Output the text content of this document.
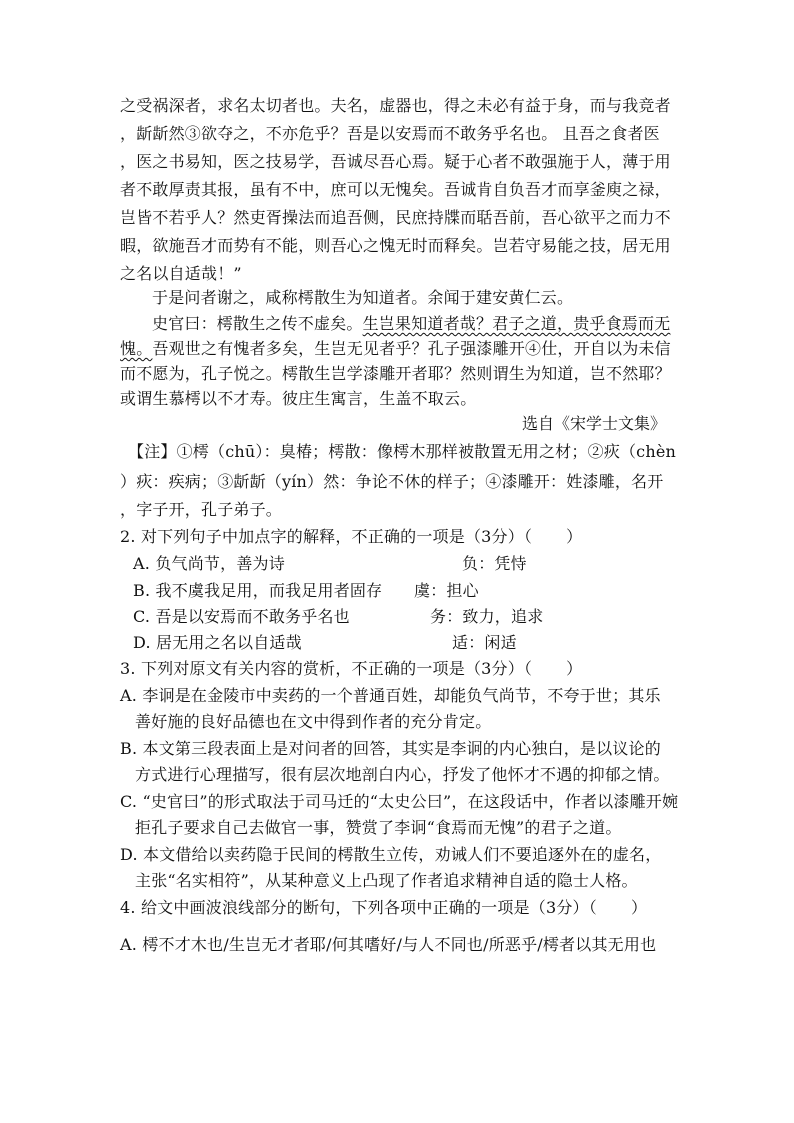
之受祸深者，求名太切者也。夫名，虚器也，得之未必有益于身，而与我竞者
，龂龂然③欲夺之，不亦危乎？吾是以安焉而不敢务乎名也。 且吾之食者医
，医之书易知，医之技易学，吾诚尽吾心焉。疑于心者不敢强施于人，薄于用
者不敢厚责其报，虽有不中，庶可以无愧矣。吾诚肯自负吾才而享釜庾之禄，
岂皆不若乎人？然吏胥操法而追吾侧，民庶持牒而聒吾前，吾心欲平之而力不
暇，欲施吾才而势有不能，则吾心之愧无时而释矣。岂若守易能之技，居无用
之名以自适哉！”
于是问者谢之，咸称樗散生为知道者。余闻于建安黄仁云。
史官曰：樗散生之传不虚矣。生岂果知道者哉？君子之道，贵乎食焉而无
愧。吾观世之有愧者多矣，生岂无见者乎？孔子强漆雕开④仕，开自以为未信
而不愿为，孔子悦之。樗散生岂学漆雕开者耶？然则谓生为知道，岂不然耶？
或谓生慕樗以不才寿。彼庄生寓言，生盖不取云。
选自《宋学士文集》
【注】①樗（chū）：臭椿；樗散：像樗木那样被散置无用之材；②疢（chèn
）疢：疾病；③龂龂（yín）然：争论不休的样子；④漆雕开：姓漆雕，名开
，字子开，孔子弟子。
2. 对下列句子中加点字的解释，不正确的一项是（3分）（ ）
A. 负气尚节，善为诗	负：凭恃
B. 我不虞我足用，而我足用者固存 虞：担心
C. 吾是以安焉而不敢务乎名也	务：致力，追求
D. 居无用之名以自适哉	适：闲适
3. 下列对原文有关内容的赏析，不正确的一项是（3分）（ ）
A. 李诇是在金陵市中卖药的一个普通百姓，却能负气尚节，不夸于世；其乐
善好施的良好品德也在文中得到作者的充分肯定。
B. 本文第三段表面上是对问者的回答，其实是李诇的内心独白，是以议论的
方式进行心理描写，很有层次地剖白内心，抒发了他怀才不遇的抑郁之情。
C. “史官曰”的形式取法于司马迁的“太史公曰”，在这段话中，作者以漆雕开婉
拒孔子要求自己去做官一事，赞赏了李诇“食焉而无愧”的君子之道。
D. 本文借给以卖药隐于民间的樗散生立传，劝诫人们不要追逐外在的虚名，
主张“名实相符”，从某种意义上凸现了作者追求精神自适的隐士人格。
4. 给文中画波浪线部分的断句，下列各项中正确的一项是（3分）（ ）
A. 樗不才木也/生岂无才者耶/何其嗜好/与人不同也/所恶乎/樗者以其无用也
